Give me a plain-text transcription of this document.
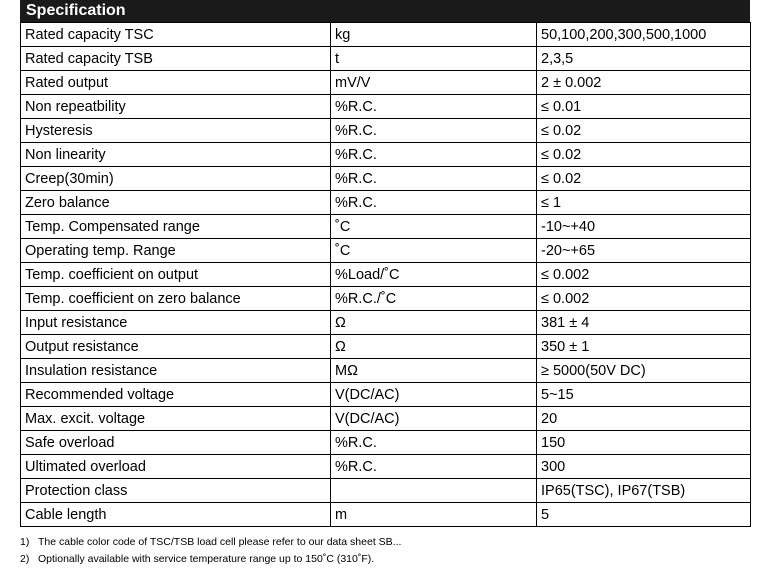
Specification
Rated capacity TSC	kg	50,100,200,300,500,1000
Rated capacity TSB	t	2,3,5
Rated output	mV/V	2 ± 0.002
Non repeatbility	%R.C.	≤ 0.01
Hysteresis	%R.C.	≤ 0.02
Non linearity	%R.C.	≤ 0.02
Creep(30min)	%R.C.	≤ 0.02
Zero balance	%R.C.	≤ 1
Temp. Compensated range	˚C	-10~+40
Operating temp. Range	˚C	-20~+65
Temp. coefficient on output	%Load/˚C	≤ 0.002
Temp. coefficient on zero balance	%R.C./˚C	≤ 0.002
Input resistance	Ω	381 ± 4
Output resistance	Ω	350 ± 1
Insulation resistance	MΩ	≥ 5000(50V DC)
Recommended voltage	V(DC/AC)	5~15
Max. excit. voltage	V(DC/AC)	20
Safe overload	%R.C.	150
Ultimated overload	%R.C.	300
Protection class		IP65(TSC), IP67(TSB)
Cable length	m	5
1) The cable color code of TSC/TSB load cell please refer to our data sheet SB...
2) Optionally available with service temperature range up to 150˚C (310˚F).
